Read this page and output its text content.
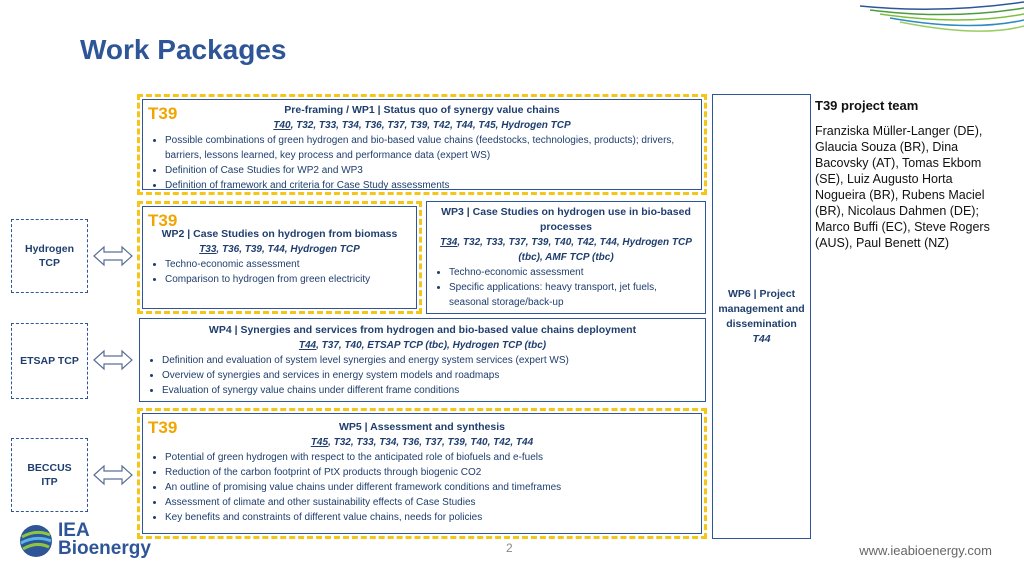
Work Packages
T39	Pre-framing / WP1 | Status quo of synergy value chains
T40, T32, T33, T34, T36, T37, T39, T42, T44, T45, Hydrogen TCP
• Possible combinations of green hydrogen and bio-based value chains (feedstocks, technologies, products); drivers, barriers, lessons learned, key process and performance data (expert WS)
• Definition of Case Studies for WP2 and WP3
• Definition of framework and criteria for Case Study assessments
T39
WP2 | Case Studies on hydrogen from biomass
T33, T36, T39, T44, Hydrogen TCP
• Techno-economic assessment
• Comparison to hydrogen from green electricity
WP3 | Case Studies on hydrogen use in bio-based processes
T34, T32, T33, T37, T39, T40, T42, T44, Hydrogen TCP (tbc), AMF TCP (tbc)
• Techno-economic assessment
• Specific applications: heavy transport, jet fuels, seasonal storage/back-up
WP4 | Synergies and services from hydrogen and bio-based value chains deployment
T44, T37, T40, ETSAP TCP (tbc), Hydrogen TCP (tbc)
• Definition and evaluation of system level synergies and energy system services (expert WS)
• Overview of synergies and services in energy system models and roadmaps
• Evaluation of synergy value chains under different frame conditions
T39	WP5 | Assessment and synthesis
T45, T32, T33, T34, T36, T37, T39, T40, T42, T44
• Potential of green hydrogen with respect to the anticipated role of biofuels and e-fuels
• Reduction of the carbon footprint of PtX products through biogenic CO2
• An outline of promising value chains under different framework conditions and timeframes
• Assessment of climate and other sustainability effects of Case Studies
• Key benefits and constraints of different value chains, needs for policies
WP6 | Project management and dissemination
T44
Hydrogen TCP
ETSAP TCP
BECCUS ITP
T39 project team

Franziska Müller-Langer (DE), Glaucia Souza (BR), Dina Bacovsky (AT), Tomas Ekbom (SE), Luiz Augusto Horta Nogueira (BR), Rubens Maciel (BR), Nicolaus Dahmen (DE); Marco Buffi (EC), Steve Rogers (AUS), Paul Benett (NZ)

IEA
Bioenergy	2	www.ieabioenergy.com
